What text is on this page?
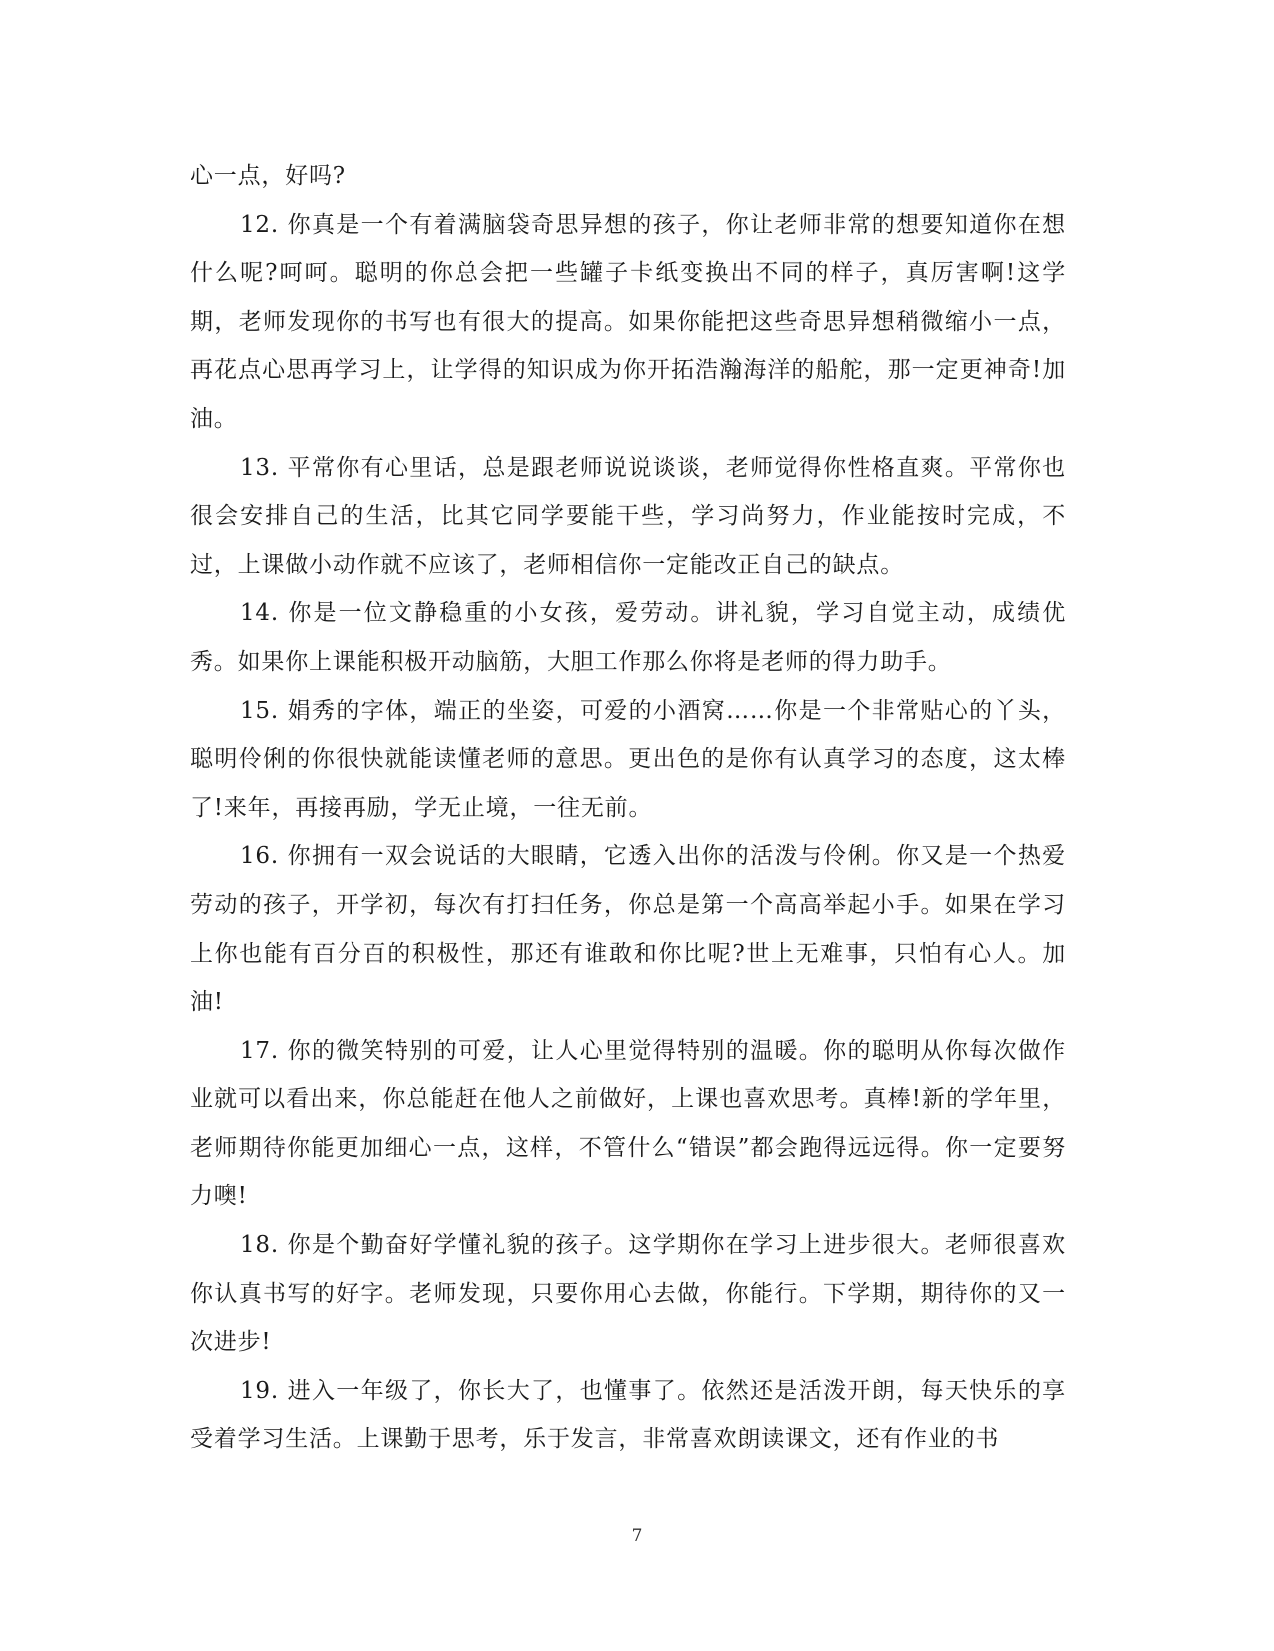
心一点，好吗?

12. 你真是一个有着满脑袋奇思异想的孩子，你让老师非常的想要知道你在想什么呢?呵呵。聪明的你总会把一些罐子卡纸变换出不同的样子，真厉害啊!这学期，老师发现你的书写也有很大的提高。如果你能把这些奇思异想稍微缩小一点，再花点心思再学习上，让学得的知识成为你开拓浩瀚海洋的船舵，那一定更神奇!加油。

13. 平常你有心里话，总是跟老师说说谈谈，老师觉得你性格直爽。平常你也很会安排自己的生活，比其它同学要能干些，学习尚努力，作业能按时完成，不过，上课做小动作就不应该了，老师相信你一定能改正自己的缺点。

14. 你是一位文静稳重的小女孩，爱劳动。讲礼貌，学习自觉主动，成绩优秀。如果你上课能积极开动脑筋，大胆工作那么你将是老师的得力助手。

15. 娟秀的字体，端正的坐姿，可爱的小酒窝……你是一个非常贴心的丫头，聪明伶俐的你很快就能读懂老师的意思。更出色的是你有认真学习的态度，这太棒了!来年，再接再励，学无止境，一往无前。

16. 你拥有一双会说话的大眼睛，它透入出你的活泼与伶俐。你又是一个热爱劳动的孩子，开学初，每次有打扫任务，你总是第一个高高举起小手。如果在学习上你也能有百分百的积极性，那还有谁敢和你比呢?世上无难事，只怕有心人。加油!

17. 你的微笑特别的可爱，让人心里觉得特别的温暖。你的聪明从你每次做作业就可以看出来，你总能赶在他人之前做好，上课也喜欢思考。真棒!新的学年里，老师期待你能更加细心一点，这样，不管什么“错误”都会跑得远远得。你一定要努力噢!

18. 你是个勤奋好学懂礼貌的孩子。这学期你在学习上进步很大。老师很喜欢你认真书写的好字。老师发现，只要你用心去做，你能行。下学期，期待你的又一次进步!

19. 进入一年级了，你长大了，也懂事了。依然还是活泼开朗，每天快乐的享受着学习生活。上课勤于思考，乐于发言，非常喜欢朗读课文，还有作业的书

7
